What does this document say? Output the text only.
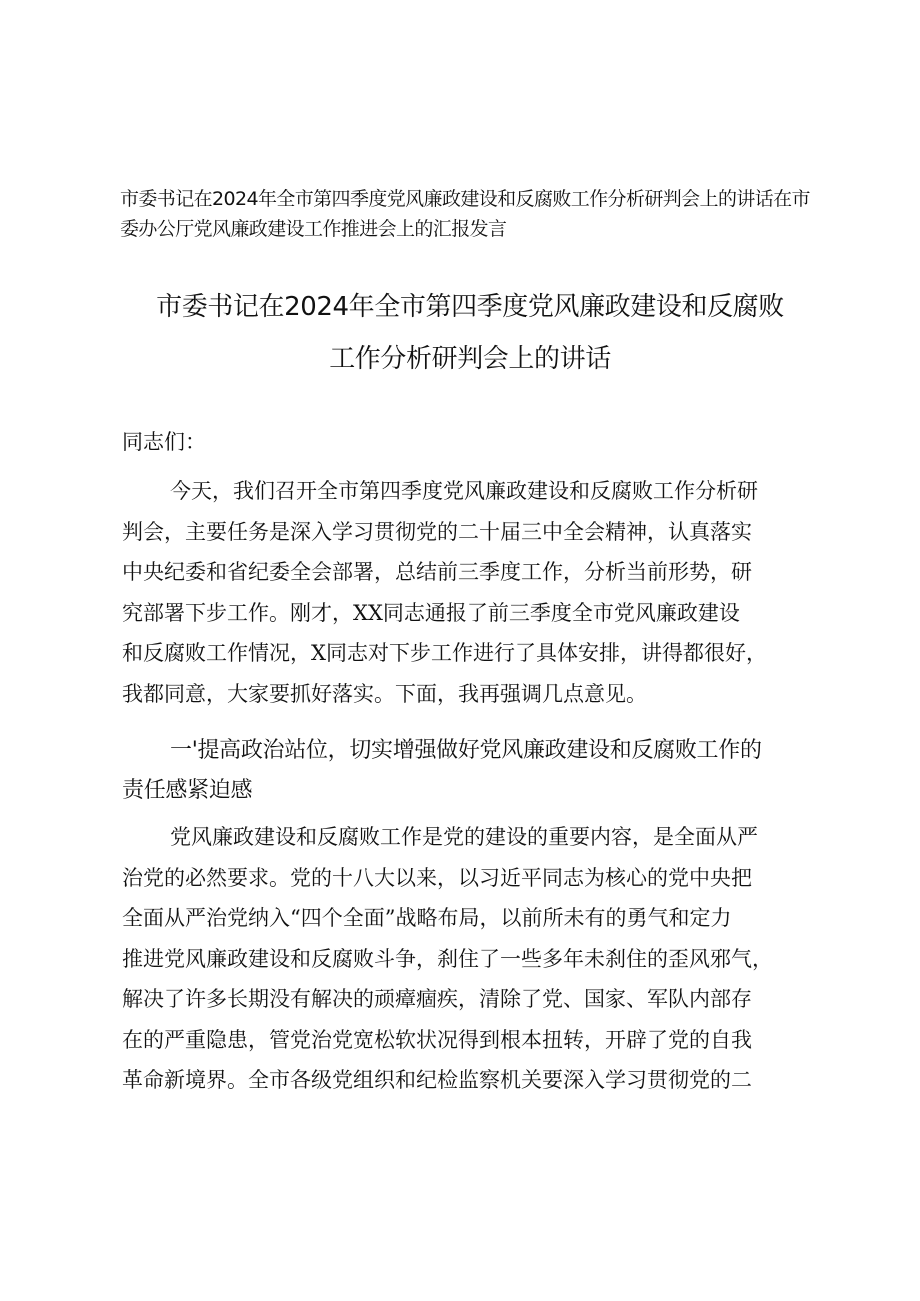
市委书记在2024年全市第四季度党风廉政建设和反腐败工作分析研判会上的讲话在市
委办公厅党风廉政建设工作推进会上的汇报发言
市委书记在2024年全市第四季度党风廉政建设和反腐败
工作分析研判会上的讲话

同志们：

今天，我们召开全市第四季度党风廉政建设和反腐败工作分析研
判会，主要任务是深入学习贯彻党的二十届三中全会精神，认真落实
中央纪委和省纪委全会部署，总结前三季度工作，分析当前形势，研
究部署下步工作。刚才，XX同志通报了前三季度全市党风廉政建设
和反腐败工作情况，X同志对下步工作进行了具体安排，讲得都很好，
我都同意，大家要抓好落实。下面，我再强调几点意见。

一'提高政治站位，切实增强做好党风廉政建设和反腐败工作的
责任感紧迫感

党风廉政建设和反腐败工作是党的建设的重要内容，是全面从严
治党的必然要求。党的十八大以来，以习近平同志为核心的党中央把
全面从严治党纳入“四个全面”战略布局，以前所未有的勇气和定力
推进党风廉政建设和反腐败斗争，刹住了一些多年未刹住的歪风邪气，
解决了许多长期没有解决的顽瘴痼疾，清除了党、国家、军队内部存
在的严重隐患，管党治党宽松软状况得到根本扭转，开辟了党的自我
革命新境界。全市各级党组织和纪检监察机关要深入学习贯彻党的二
